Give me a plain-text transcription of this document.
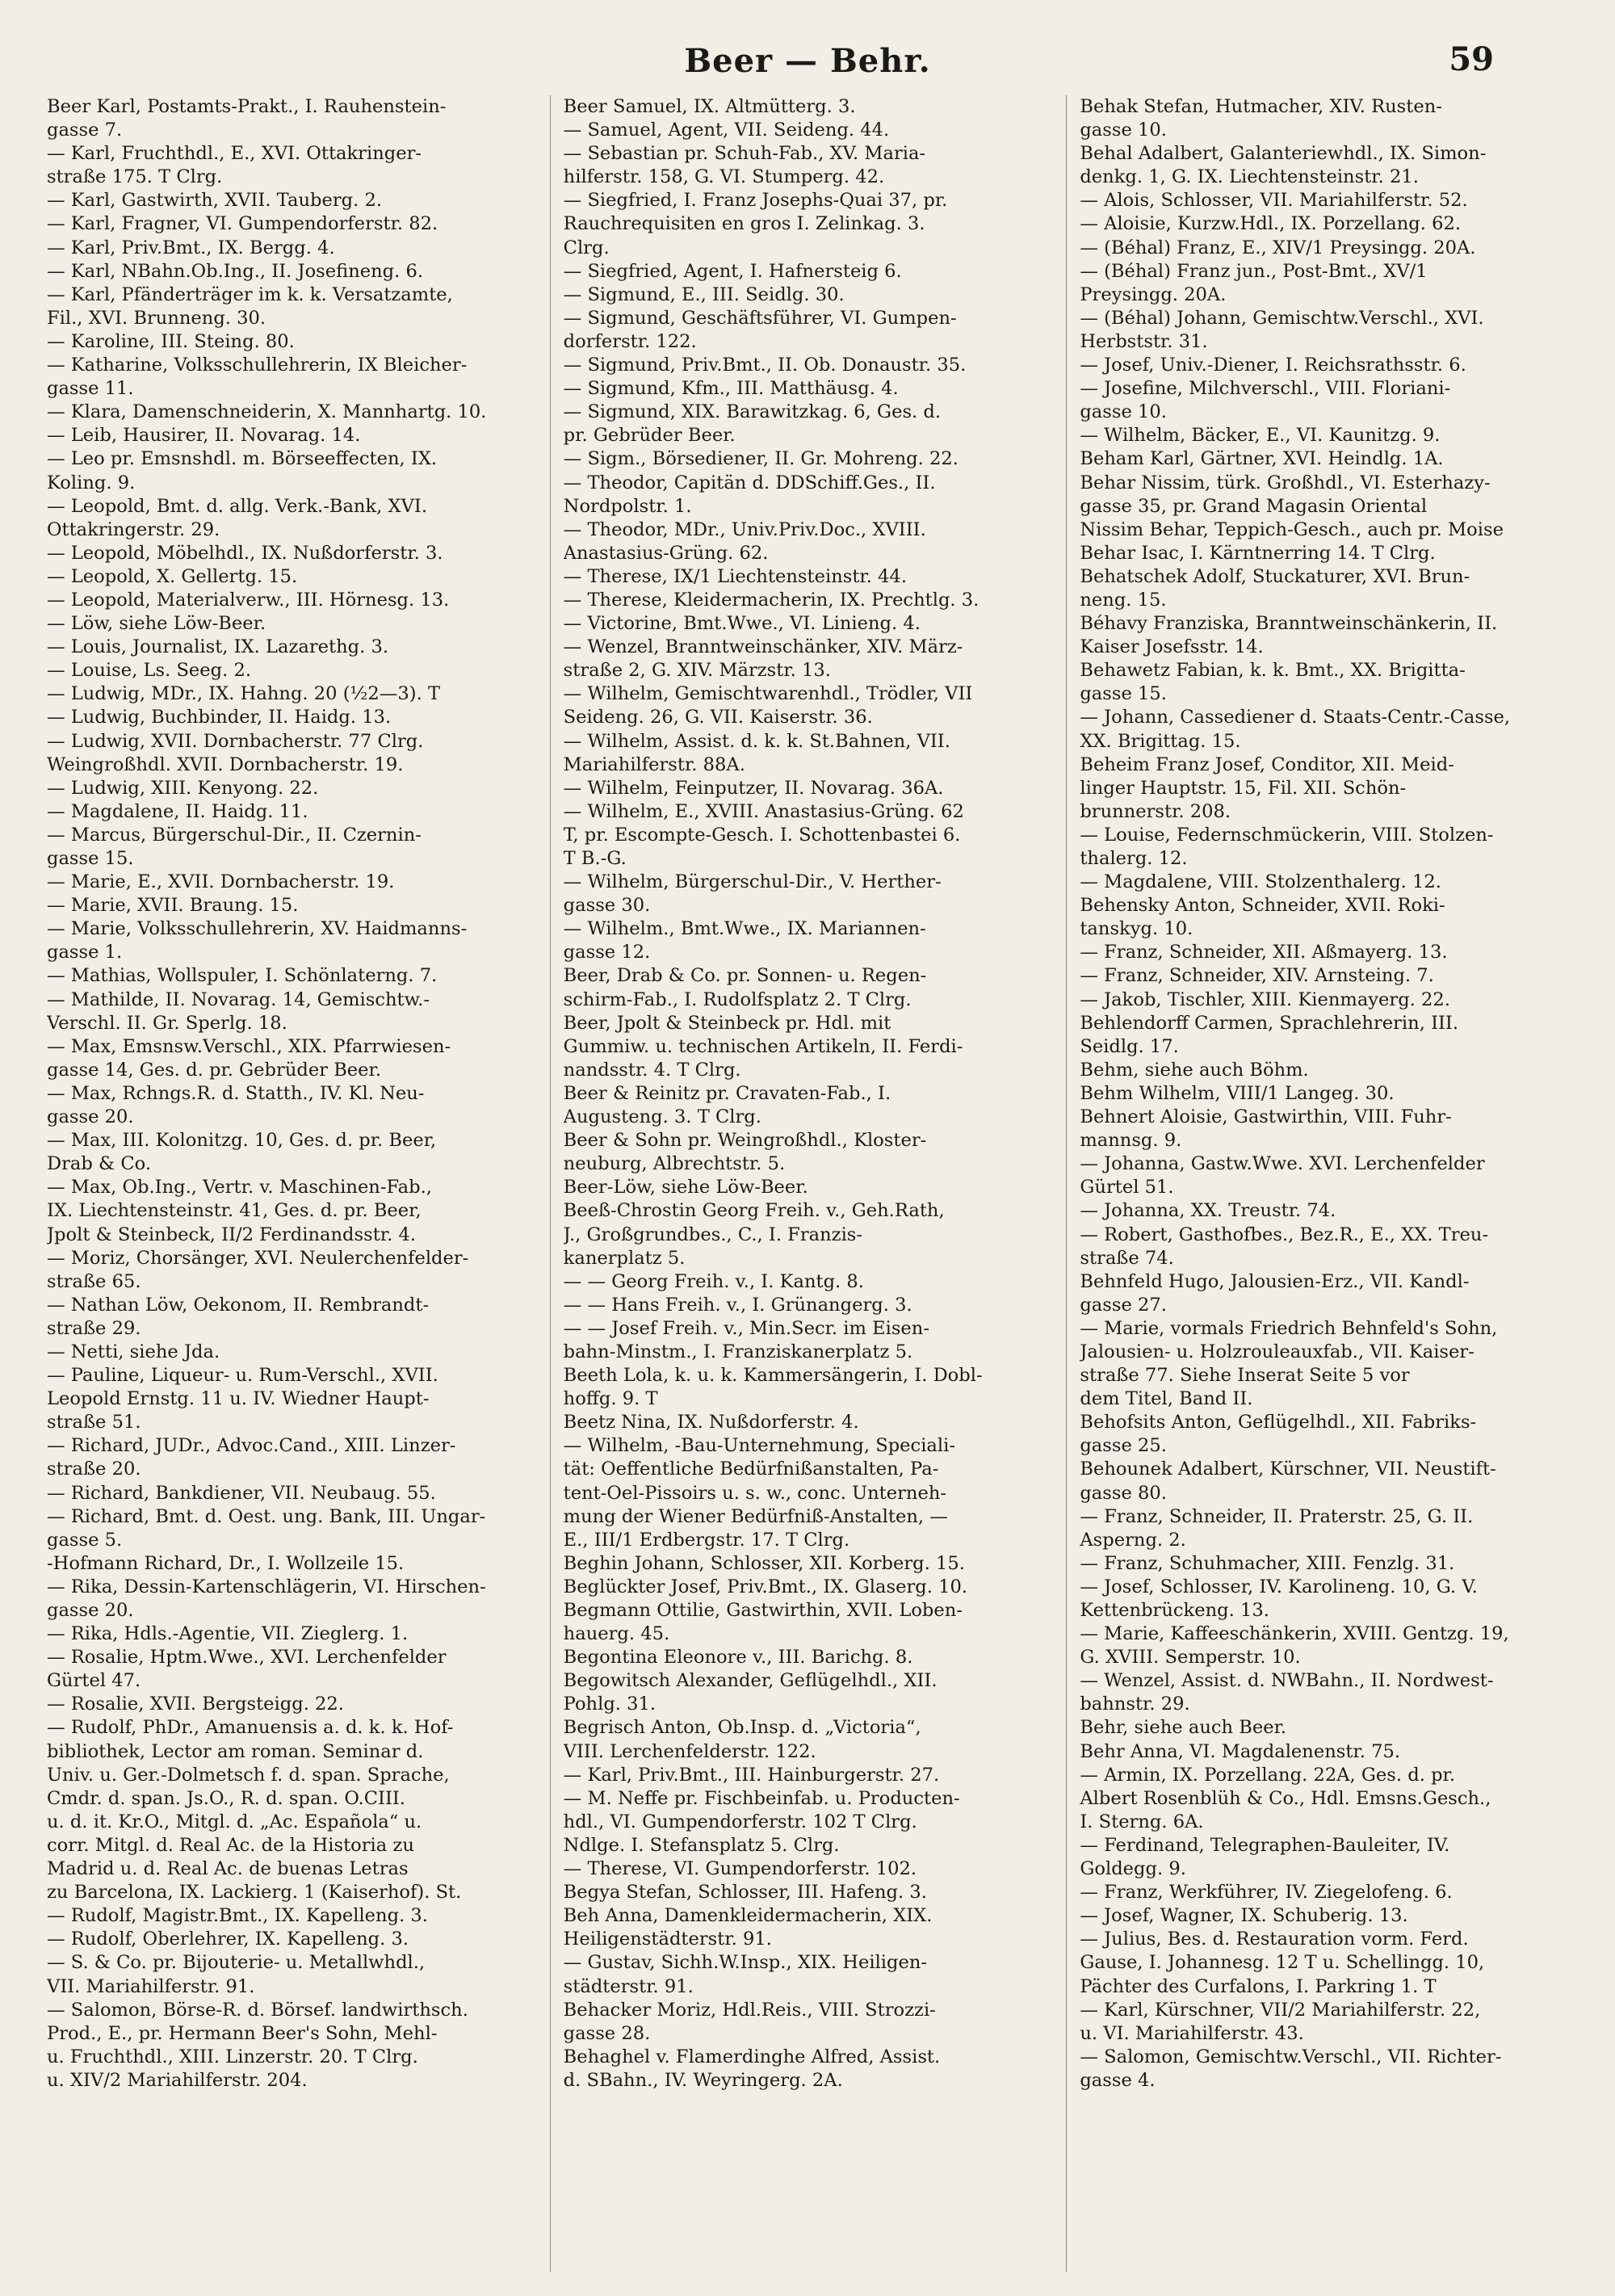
Beer — Behr.	59
Beer Karl, Postamts-Prakt., I. Rauhenstein-
gasse 7.
— Karl, Fruchthdl., E., XVI. Ottakringer-
straße 175. T Clrg.
— Karl, Gastwirth, XVII. Tauberg. 2.
— Karl, Fragner, VI. Gumpendorferstr. 82.
— Karl, Priv.Bmt., IX. Bergg. 4.
— Karl, NBahn.Ob.Ing., II. Josefineng. 6.
— Karl, Pfänderträger im k. k. Versatzamte,
Fil., XVI. Brunneng. 30.
— Karoline, III. Steing. 80.
— Katharine, Volksschullehrerin, IX Bleicher-
gasse 11.
— Klara, Damenschneiderin, X. Mannhartg. 10.
— Leib, Hausirer, II. Novarag. 14.
— Leo pr. Emsnshdl. m. Börseeffecten, IX.
Koling. 9.
— Leopold, Bmt. d. allg. Verk.-Bank, XVI.
Ottakringerstr. 29.
— Leopold, Möbelhdl., IX. Nußdorferstr. 3.
— Leopold, X. Gellertg. 15.
— Leopold, Materialverw., III. Hörnesg. 13.
— Löw, siehe Löw-Beer.
— Louis, Journalist, IX. Lazarethg. 3.
— Louise, Ls. Seeg. 2.
— Ludwig, MDr., IX. Hahng. 20 (½2—3). T
— Ludwig, Buchbinder, II. Haidg. 13.
— Ludwig, XVII. Dornbacherstr. 77 Clrg.
Weingroßhdl. XVII. Dornbacherstr. 19.
— Ludwig, XIII. Kenyong. 22.
— Magdalene, II. Haidg. 11.
— Marcus, Bürgerschul-Dir., II. Czernin-
gasse 15.
— Marie, E., XVII. Dornbacherstr. 19.
— Marie, XVII. Braung. 15.
— Marie, Volksschullehrerin, XV. Haidmanns-
gasse 1.
— Mathias, Wollspuler, I. Schönlaterng. 7.
— Mathilde, II. Novarag. 14, Gemischtw.-
Verschl. II. Gr. Sperlg. 18.
— Max, Emsnsw.Verschl., XIX. Pfarrwiesen-
gasse 14, Ges. d. pr. Gebrüder Beer.
— Max, Rchngs.R. d. Statth., IV. Kl. Neu-
gasse 20.
— Max, III. Kolonitzg. 10, Ges. d. pr. Beer,
Drab & Co.
— Max, Ob.Ing., Vertr. v. Maschinen-Fab.,
IX. Liechtensteinstr. 41, Ges. d. pr. Beer,
Jpolt & Steinbeck, II/2 Ferdinandsstr. 4.
— Moriz, Chorsänger, XVI. Neulerchenfelder-
straße 65.
— Nathan Löw, Oekonom, II. Rembrandt-
straße 29.
— Netti, siehe Jda.
— Pauline, Liqueur- u. Rum-Verschl., XVII.
Leopold Ernstg. 11 u. IV. Wiedner Haupt-
straße 51.
— Richard, JUDr., Advoc.Cand., XIII. Linzer-
straße 20.
— Richard, Bankdiener, VII. Neubaug. 55.
— Richard, Bmt. d. Oest. ung. Bank, III. Ungar-
gasse 5.
-Hofmann Richard, Dr., I. Wollzeile 15.
— Rika, Dessin-Kartenschlägerin, VI. Hirschen-
gasse 20.
— Rika, Hdls.-Agentie, VII. Zieglerg. 1.
— Rosalie, Hptm.Wwe., XVI. Lerchenfelder
Gürtel 47.
— Rosalie, XVII. Bergsteigg. 22.
— Rudolf, PhDr., Amanuensis a. d. k. k. Hof-
bibliothek, Lector am roman. Seminar d.
Univ. u. Ger.-Dolmetsch f. d. span. Sprache,
Cmdr. d. span. Js.O., R. d. span. O.CIII.
u. d. it. Kr.O., Mitgl. d. „Ac. Española“ u.
corr. Mitgl. d. Real Ac. de la Historia zu
Madrid u. d. Real Ac. de buenas Letras
zu Barcelona, IX. Lackierg. 1 (Kaiserhof). St.
— Rudolf, Magistr.Bmt., IX. Kapelleng. 3.
— Rudolf, Oberlehrer, IX. Kapelleng. 3.
— S. & Co. pr. Bijouterie- u. Metallwhdl.,
VII. Mariahilferstr. 91.
— Salomon, Börse-R. d. Börsef. landwirthsch.
Prod., E., pr. Hermann Beer's Sohn, Mehl-
u. Fruchthdl., XIII. Linzerstr. 20. T Clrg.
u. XIV/2 Mariahilferstr. 204.
Beer Samuel, IX. Altmütterg. 3.
— Samuel, Agent, VII. Seideng. 44.
— Sebastian pr. Schuh-Fab., XV. Maria-
hilferstr. 158, G. VI. Stumperg. 42.
— Siegfried, I. Franz Josephs-Quai 37, pr.
Rauchrequisiten en gros I. Zelinkag. 3.
Clrg.
— Siegfried, Agent, I. Hafnersteig 6.
— Sigmund, E., III. Seidlg. 30.
— Sigmund, Geschäftsführer, VI. Gumpen-
dorferstr. 122.
— Sigmund, Priv.Bmt., II. Ob. Donaustr. 35.
— Sigmund, Kfm., III. Matthäusg. 4.
— Sigmund, XIX. Barawitzkag. 6, Ges. d.
pr. Gebrüder Beer.
— Sigm., Börsediener, II. Gr. Mohreng. 22.
— Theodor, Capitän d. DDSchiff.Ges., II.
Nordpolstr. 1.
— Theodor, MDr., Univ.Priv.Doc., XVIII.
Anastasius-Grüng. 62.
— Therese, IX/1 Liechtensteinstr. 44.
— Therese, Kleidermacherin, IX. Prechtlg. 3.
— Victorine, Bmt.Wwe., VI. Linieng. 4.
— Wenzel, Branntweinschänker, XIV. März-
straße 2, G. XIV. Märzstr. 13.
— Wilhelm, Gemischtwarenhdl., Trödler, VII
Seideng. 26, G. VII. Kaiserstr. 36.
— Wilhelm, Assist. d. k. k. St.Bahnen, VII.
Mariahilferstr. 88A.
— Wilhelm, Feinputzer, II. Novarag. 36A.
— Wilhelm, E., XVIII. Anastasius-Grüng. 62
T, pr. Escompte-Gesch. I. Schottenbastei 6.
T B.-G.
— Wilhelm, Bürgerschul-Dir., V. Herther-
gasse 30.
— Wilhelm., Bmt.Wwe., IX. Mariannen-
gasse 12.
Beer, Drab & Co. pr. Sonnen- u. Regen-
schirm-Fab., I. Rudolfsplatz 2. T Clrg.
Beer, Jpolt & Steinbeck pr. Hdl. mit
Gummiw. u. technischen Artikeln, II. Ferdi-
nandsstr. 4. T Clrg.
Beer & Reinitz pr. Cravaten-Fab., I.
Augusteng. 3. T Clrg.
Beer & Sohn pr. Weingroßhdl., Kloster-
neuburg, Albrechtstr. 5.
Beer-Löw, siehe Löw-Beer.
Beeß-Chrostin Georg Freih. v., Geh.Rath,
J., Großgrundbes., C., I. Franzis-
kanerplatz 5.
— — Georg Freih. v., I. Kantg. 8.
— — Hans Freih. v., I. Grünangerg. 3.
— — Josef Freih. v., Min.Secr. im Eisen-
bahn-Minstm., I. Franziskanerplatz 5.
Beeth Lola, k. u. k. Kammersängerin, I. Dobl-
hoffg. 9. T
Beetz Nina, IX. Nußdorferstr. 4.
— Wilhelm, -Bau-Unternehmung, Speciali-
tät: Oeffentliche Bedürfnißanstalten, Pa-
tent-Oel-Pissoirs u. s. w., conc. Unterneh-
mung der Wiener Bedürfniß-Anstalten, —
E., III/1 Erdbergstr. 17. T Clrg.
Beghin Johann, Schlosser, XII. Korberg. 15.
Beglückter Josef, Priv.Bmt., IX. Glaserg. 10.
Begmann Ottilie, Gastwirthin, XVII. Loben-
hauerg. 45.
Begontina Eleonore v., III. Barichg. 8.
Begowitsch Alexander, Geflügelhdl., XII.
Pohlg. 31.
Begrisch Anton, Ob.Insp. d. „Victoria“,
VIII. Lerchenfelderstr. 122.
— Karl, Priv.Bmt., III. Hainburgerstr. 27.
— M. Neffe pr. Fischbeinfab. u. Producten-
hdl., VI. Gumpendorferstr. 102 T Clrg.
Ndlge. I. Stefansplatz 5. Clrg.
— Therese, VI. Gumpendorferstr. 102.
Begya Stefan, Schlosser, III. Hafeng. 3.
Beh Anna, Damenkleidermacherin, XIX.
Heiligenstädterstr. 91.
— Gustav, Sichh.W.Insp., XIX. Heiligen-
städterstr. 91.
Behacker Moriz, Hdl.Reis., VIII. Strozzi-
gasse 28.
Behaghel v. Flamerdinghe Alfred, Assist.
d. SBahn., IV. Weyringerg. 2A.
Behak Stefan, Hutmacher, XIV. Rusten-
gasse 10.
Behal Adalbert, Galanteriewhdl., IX. Simon-
denkg. 1, G. IX. Liechtensteinstr. 21.
— Alois, Schlosser, VII. Mariahilferstr. 52.
— Aloisie, Kurzw.Hdl., IX. Porzellang. 62.
— (Béhal) Franz, E., XIV/1 Preysingg. 20A.
— (Béhal) Franz jun., Post-Bmt., XV/1
Preysingg. 20A.
— (Béhal) Johann, Gemischtw.Verschl., XVI.
Herbststr. 31.
— Josef, Univ.-Diener, I. Reichsrathsstr. 6.
— Josefine, Milchverschl., VIII. Floriani-
gasse 10.
— Wilhelm, Bäcker, E., VI. Kaunitzg. 9.
Beham Karl, Gärtner, XVI. Heindlg. 1A.
Behar Nissim, türk. Großhdl., VI. Esterhazy-
gasse 35, pr. Grand Magasin Oriental
Nissim Behar, Teppich-Gesch., auch pr. Moise
Behar Isac, I. Kärntnerring 14. T Clrg.
Behatschek Adolf, Stuckaturer, XVI. Brun-
neng. 15.
Béhavy Franziska, Branntweinschänkerin, II.
Kaiser Josefsstr. 14.
Behawetz Fabian, k. k. Bmt., XX. Brigitta-
gasse 15.
— Johann, Cassediener d. Staats-Centr.-Casse,
XX. Brigittag. 15.
Beheim Franz Josef, Conditor, XII. Meid-
linger Hauptstr. 15, Fil. XII. Schön-
brunnerstr. 208.
— Louise, Federnschmückerin, VIII. Stolzen-
thalerg. 12.
— Magdalene, VIII. Stolzenthalerg. 12.
Behensky Anton, Schneider, XVII. Roki-
tanskyg. 10.
— Franz, Schneider, XII. Aßmayerg. 13.
— Franz, Schneider, XIV. Arnsteing. 7.
— Jakob, Tischler, XIII. Kienmayerg. 22.
Behlendorff Carmen, Sprachlehrerin, III.
Seidlg. 17.
Behm, siehe auch Böhm.
Behm Wilhelm, VIII/1 Langeg. 30.
Behnert Aloisie, Gastwirthin, VIII. Fuhr-
mannsg. 9.
— Johanna, Gastw.Wwe. XVI. Lerchenfelder
Gürtel 51.
— Johanna, XX. Treustr. 74.
— Robert, Gasthofbes., Bez.R., E., XX. Treu-
straße 74.
Behnfeld Hugo, Jalousien-Erz., VII. Kandl-
gasse 27.
— Marie, vormals Friedrich Behnfeld's Sohn,
Jalousien- u. Holzrouleauxfab., VII. Kaiser-
straße 77. Siehe Inserat Seite 5 vor
dem Titel, Band II.
Behofsits Anton, Geflügelhdl., XII. Fabriks-
gasse 25.
Behounek Adalbert, Kürschner, VII. Neustift-
gasse 80.
— Franz, Schneider, II. Praterstr. 25, G. II.
Asperng. 2.
— Franz, Schuhmacher, XIII. Fenzlg. 31.
— Josef, Schlosser, IV. Karolineng. 10, G. V.
Kettenbrückeng. 13.
— Marie, Kaffeeschänkerin, XVIII. Gentzg. 19,
G. XVIII. Semperstr. 10.
— Wenzel, Assist. d. NWBahn., II. Nordwest-
bahnstr. 29.
Behr, siehe auch Beer.
Behr Anna, VI. Magdalenenstr. 75.
— Armin, IX. Porzellang. 22A, Ges. d. pr.
Albert Rosenblüh & Co., Hdl. Emsns.Gesch.,
I. Sterng. 6A.
— Ferdinand, Telegraphen-Bauleiter, IV.
Goldegg. 9.
— Franz, Werkführer, IV. Ziegelofeng. 6.
— Josef, Wagner, IX. Schuberig. 13.
— Julius, Bes. d. Restauration vorm. Ferd.
Gause, I. Johannesg. 12 T u. Schellingg. 10,
Pächter des Curfalons, I. Parkring 1. T
— Karl, Kürschner, VII/2 Mariahilferstr. 22,
u. VI. Mariahilferstr. 43.
— Salomon, Gemischtw.Verschl., VII. Richter-
gasse 4.
